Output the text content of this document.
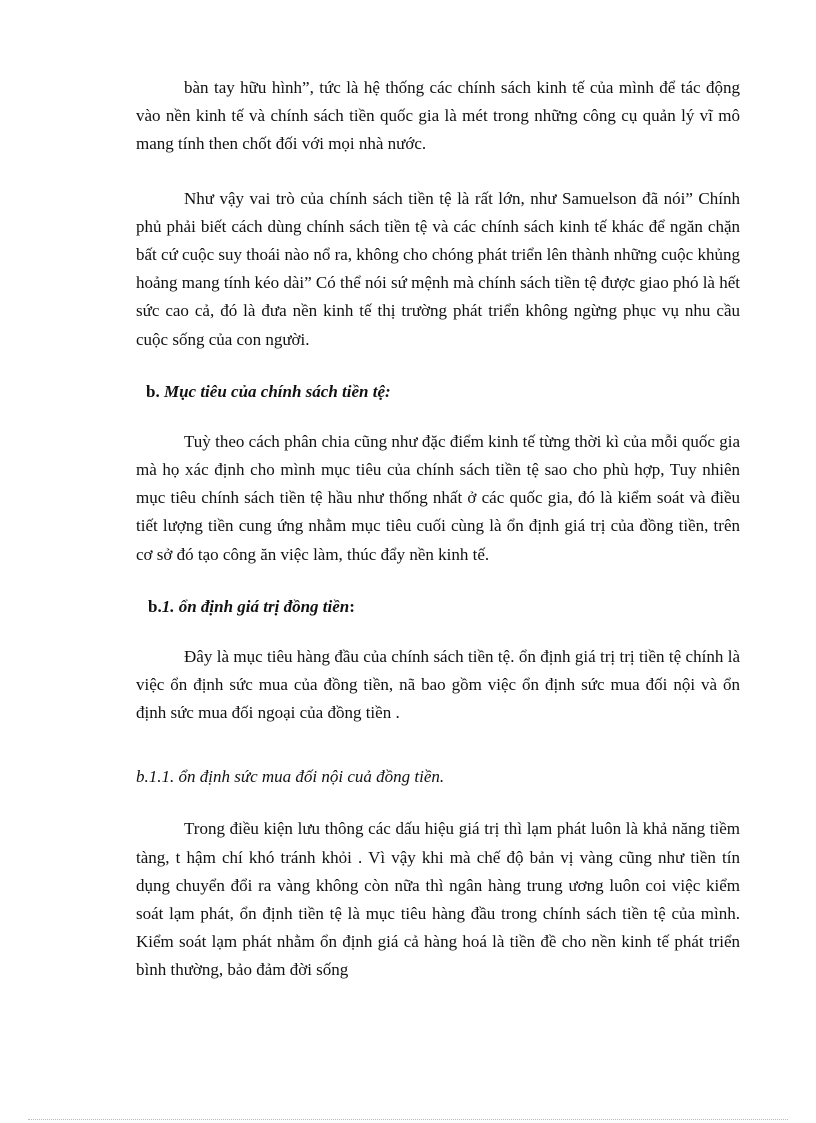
bàn tay hữu hình”, tức là hệ thống các chính sách kinh tế của mình để tác động vào nền kinh tế và chính sách tiền quốc gia là mét trong những công cụ quản lý vĩ mô mang tính then chốt đối với mọi nhà nước.

Như vậy vai trò của chính sách tiền tệ là rất lớn, như Samuelson đã nói” Chính phủ phải biết cách dùng chính sách tiền tệ và các chính sách kinh tế khác để ngăn chặn bất cứ cuộc suy thoái nào nổ ra, không cho chóng phát triển lên thành những cuộc khủng hoảng mang tính kéo dài” Có thể nói sứ mệnh mà chính sách tiền tệ được giao phó là hết sức cao cả, đó là đưa nền kinh tế thị trường phát triển không ngừng phục vụ nhu cầu cuộc sống của con người.

b. Mục tiêu của chính sách tiền tệ:

Tuỳ theo cách phân chia cũng như đặc điểm kinh tế từng thời kì của mỗi quốc gia mà họ xác định cho mình mục tiêu của chính sách tiền tệ sao cho phù hợp, Tuy nhiên mục tiêu chính sách tiền tệ hầu như thống nhất ở các quốc gia, đó là kiểm soát và điều tiết lượng tiền cung ứng nhằm mục tiêu cuối cùng là ổn định giá trị của đồng tiền, trên cơ sở đó tạo công ăn việc làm, thúc đẩy nền kinh tế.

b.1. ổn định giá trị đồng tiền:

Đây là mục tiêu hàng đầu của chính sách tiền tệ. ổn định giá trị trị tiền tệ chính là việc ổn định sức mua của đồng tiền, nã bao gồm việc ổn định sức mua đối nội và ổn định sức mua đối ngoại của đồng tiền .

b.1.1. ổn định sức mua đối nội cuả đồng tiền.

Trong điều kiện lưu thông các dấu hiệu giá trị thì lạm phát luôn là khả năng tiềm tàng, t hậm chí khó tránh khỏi . Vì vậy khi mà chế độ bản vị vàng cũng như tiền tín dụng chuyển đổi ra vàng không còn nữa thì ngân hàng trung ương luôn coi việc kiểm soát lạm phát, ổn định tiền tệ là mục tiêu hàng đầu trong chính sách tiền tệ của mình. Kiểm soát lạm phát nhằm ổn định giá cả hàng hoá là tiền đề cho nền kinh tế phát triển bình thường, bảo đảm đời sống
